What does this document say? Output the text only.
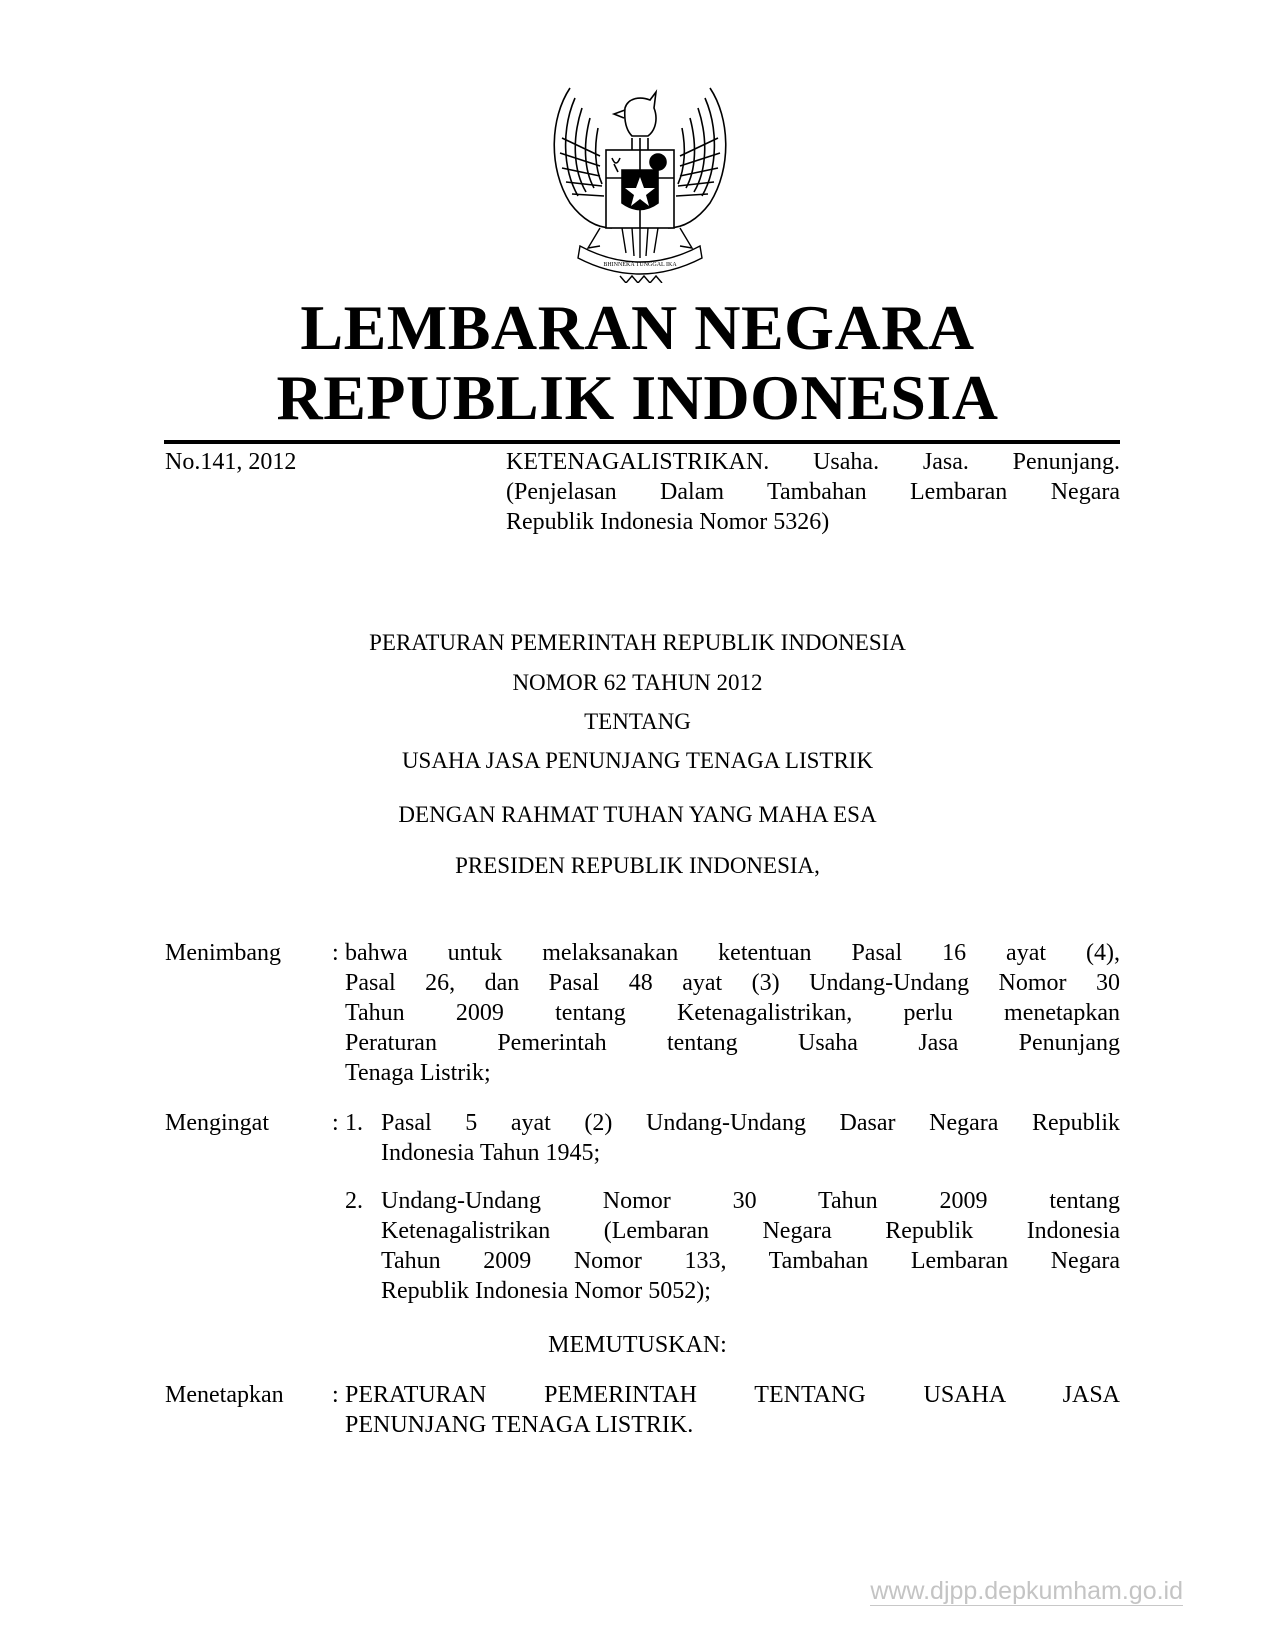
BHINNEKA TUNGGAL IKA
LEMBARAN NEGARA
REPUBLIK INDONESIA
No.141, 2012	KETENAGALISTRIKAN. Usaha. Jasa. Penunjang.
(Penjelasan Dalam Tambahan Lembaran Negara
Republik Indonesia Nomor 5326)
PERATURAN PEMERINTAH REPUBLIK INDONESIA
NOMOR 62 TAHUN 2012
TENTANG
USAHA JASA PENUNJANG TENAGA LISTRIK
DENGAN RAHMAT TUHAN YANG MAHA ESA
PRESIDEN REPUBLIK INDONESIA,
Menimbang : bahwa untuk melaksanakan ketentuan Pasal 16 ayat (4),
Pasal 26, dan Pasal 48 ayat (3) Undang-Undang Nomor 30
Tahun 2009 tentang Ketenagalistrikan, perlu menetapkan
Peraturan Pemerintah tentang Usaha Jasa Penunjang
Tenaga Listrik;
Mengingat	: 1. Pasal 5 ayat (2) Undang-Undang Dasar Negara Republik
Indonesia Tahun 1945;
2. Undang-Undang Nomor 30 Tahun 2009 tentang
Ketenagalistrikan (Lembaran Negara Republik Indonesia
Tahun 2009 Nomor 133, Tambahan Lembaran Negara
Republik Indonesia Nomor 5052);
MEMUTUSKAN:
Menetapkan : PERATURAN PEMERINTAH TENTANG USAHA JASA
PENUNJANG TENAGA LISTRIK.
www.djpp.depkumham.go.id
